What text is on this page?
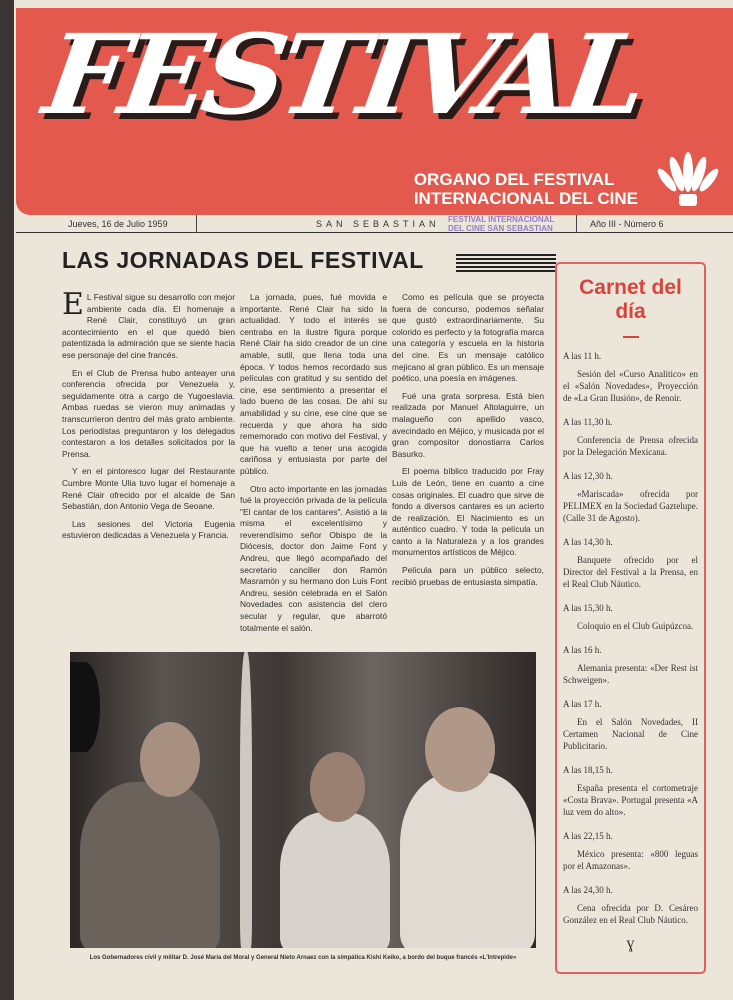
FESTIVAL
ORGANO DEL FESTIVAL
INTERNACIONAL DEL CINE
Jueves, 16 de Julio 1959	SAN SEBASTIAN	Año III - Número 6
FESTIVAL INTERNACIONAL
DEL CINE SAN SEBASTIAN
LAS JORNADAS DEL FESTIVAL

E L Festival sigue su desarrollo con mejor ambiente cada día. El homenaje a René Clair, constituyó un gran acontecimiento en el que quedó bien patentizada la admiración que se siente hacia ese personaje del cine francés.

En el Club de Prensa hubo anteayer una conferencia ofrecida por Venezuela y, seguidamente otra a cargo de Yugoeslavia. Ambas ruedas se vieron muy animadas y transcurrieron dentro del más grato ambiente. Los periodistas preguntaron y los delegados contestaron a los detalles solicitados por la Prensa.

Y en el pintoresco lugar del Restaurante Cumbre Monte Ulia tuvo lugar el homenaje a René Clair ofrecido por el alcalde de San Sebastián, don Antonio Vega de Seoane.

Las sesiones del Victoria Eugenia estuvieron dedicadas a Venezuela y Francia.

La jornada, pues, fué movida e importante. René Clair ha sido la actualidad. Y todo el interés se centraba en la ilustre figura porque René Clair ha sido creador de un cine amable, sutil, que llena toda una época. Y todos hemos recordado sus películas con gratitud y su sentido del cine, ese sentimiento a presentar el lado bueno de las cosas. De ahí su amabilidad y su cine, ese cine que se recuerda y que ahora ha sido rememorado con motivo del Festival, y que ha vuelto a tener una acogida cariñosa y entusiasta por parte del público.

Otro acto importante en las jornadas fué la proyección privada de la película "El cantar de los cantares". Asistió a la misma el excelentísimo y reverendísimo señor Obispo de la Diócesis, doctor don Jaime Font y Andreu, que llegó acompañado del secretario canciller don Ramón Masramón y su hermano don Luis Font Andreu, sesión celebrada en el Salón Novedades con asistencia del clero secular y regular, que abarrotó totalmente el salón.

Como es película que se proyecta fuera de concurso, podemos señalar que gustó extraordinariamente. Su colorido es perfecto y la fotografía marca una categoría y escuela en la historia del cine. Es un mensaje católico mejicano al gran público. Es un mensaje poético, una poesía en imágenes.

Fué una grata sorpresa. Está bien realizada por Manuel Altolaguirre, un malagueño con apellido vasco, avecindado en Méjico, y musicada por el gran compositor donostiarra Carlos Basurko.

El poema bíblico traducido por Fray Luis de León, tiene en cuanto a cine cosas originales. El cuadro que sirve de fondo a diversos cantares es un acierto de realización. El Nacimiento es un auténtico cuadro. Y toda la película un canto a la Naturaleza y a los grandes monumentos artísticos de Méjico.

Película para un público selecto, recibió pruebas de entusiasta simpatía.

Carnet del día
A las 11 h.
Sesión del «Curso Analítico» en el «Salón Novedades», Proyección de «La Gran Ilusión», de Renoir.
A las 11,30 h.
Conferencia de Prensa ofrecida por la Delegación Mexicana.
A las 12,30 h.
«Mariscada» ofrecida por PELIMEX en la Sociedad Gaztelupe. (Calle 31 de Agosto).
A las 14,30 h.
Banquete ofrecido por el Director del Festival a la Prensa, en el Real Club Náutico.
A las 15,30 h.
Coloquio en el Club Guipúzcoa.
A las 16 h.
Alemania presenta: «Der Rest ist Schweigen».
A las 17 h.
En el Salón Novedades, II Certamen Nacional de Cine Publicitario.
A las 18,15 h.
España presenta el cortometraje «Costa Brava». Portugal presenta «A luz vem do alto».
A las 22,15 h.
México presenta: «800 leguas por el Amazonas».
A las 24,30 h.
Cena ofrecida por D. Cesáreo González en el Real Club Náutico.
ɣ
Los Gobernadores civil y militar D. José María del Moral y General Nieto Arnaez con la simpática Kishi Keiko, a bordo del buque francés «L'Intrepide»
